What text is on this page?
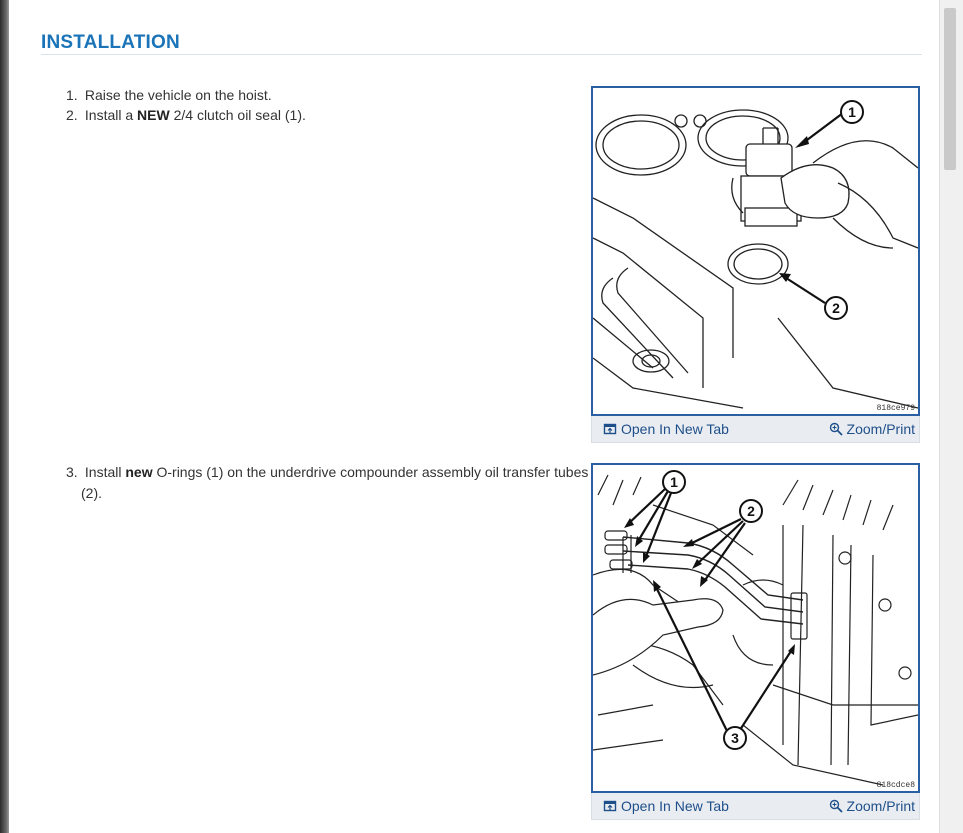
INSTALLATION
1. Raise the vehicle on the hoist.
2. Install a NEW 2/4 clutch oil seal (1).
3. Install new O-rings (1) on the underdrive compounder assembly oil transfer tubes
(2).
1
2
818ce979
Open In New Tab	Zoom/Print
1
2
3
818cdce8
Open In New Tab	Zoom/Print
